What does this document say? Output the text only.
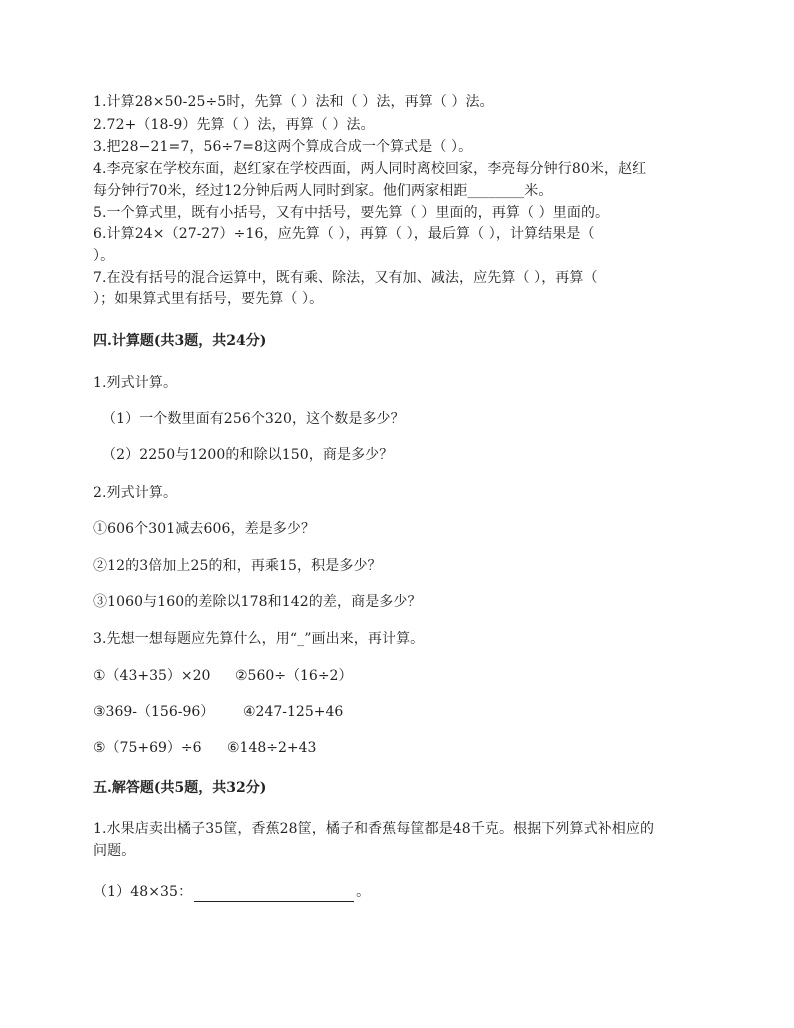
1.计算28×50-25÷5时，先算（ ）法和（ ）法，再算（ ）法。
2.72+（18-9）先算（ ）法，再算（ ）法。
3.把28−21=7，56÷7=8这两个算成合成一个算式是（ ）。
4.李亮家在学校东面，赵红家在学校西面，两人同时离校回家，李亮每分钟行80米，赵红
每分钟行70米，经过12分钟后两人同时到家。他们两家相距________米。
5.一个算式里，既有小括号，又有中括号，要先算（ ）里面的，再算（ ）里面的。
6.计算24×（27-27）÷16，应先算（ ），再算（ ），最后算（ ），计算结果是（
）。
7.在没有括号的混合运算中，既有乘、除法，又有加、减法，应先算（ ），再算（
）；如果算式里有括号，要先算（ ）。
四.计算题(共3题，共24分)
1.列式计算。
（1）一个数里面有256个320，这个数是多少？
（2）2250与1200的和除以150，商是多少？
2.列式计算。
①606个301减去606，差是多少？
②12的3倍加上25的和，再乘15，积是多少？
③1060与160的差除以178和142的差，商是多少？
3.先想一想每题应先算什么，用“_”画出来，再计算。
①（43+35）×20 ②560÷（16÷2）
③369-（156-96） ④247-125+46
⑤（75+69）÷6 ⑥148÷2+43
五.解答题(共5题，共32分)
1.水果店卖出橘子35筐，香蕉28筐，橘子和香蕉每筐都是48千克。根据下列算式补相应的
问题。
（1）48×35：	。
